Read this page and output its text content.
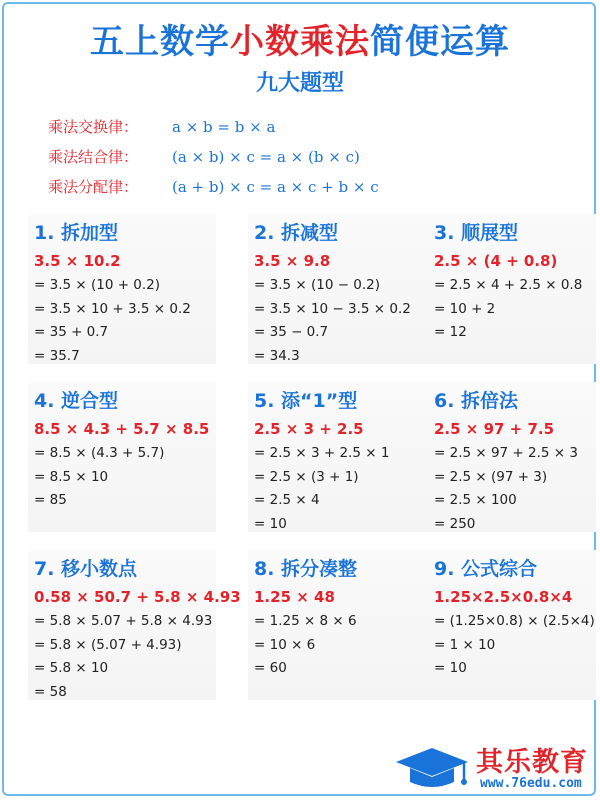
五上数学小数乘法简便运算
九大题型
乘法交换律： a × b = b × a
乘法结合律： (a × b) × c = a × (b × c)
乘法分配律： (a + b) × c = a × c + b × c
1. 拆加型
3.5 × 10.2
= 3.5 × (10 + 0.2)
= 3.5 × 10 + 3.5 × 0.2
= 35 + 0.7
= 35.7
2. 拆减型
3.5 × 9.8
= 3.5 × (10 − 0.2)
= 3.5 × 10 − 3.5 × 0.2
= 35 − 0.7
= 34.3
3. 顺展型
2.5 × (4 + 0.8)
= 2.5 × 4 + 2.5 × 0.8
= 10 + 2
= 12
4. 逆合型
8.5 × 4.3 + 5.7 × 8.5
= 8.5 × (4.3 + 5.7)
= 8.5 × 10
= 85
5. 添“1”型
2.5 × 3 + 2.5
= 2.5 × 3 + 2.5 × 1
= 2.5 × (3 + 1)
= 2.5 × 4
= 10
6. 拆倍法
2.5 × 97 + 7.5
= 2.5 × 97 + 2.5 × 3
= 2.5 × (97 + 3)
= 2.5 × 100
= 250
7. 移小数点
0.58 × 50.7 + 5.8 × 4.93
= 5.8 × 5.07 + 5.8 × 4.93
= 5.8 × (5.07 + 4.93)
= 5.8 × 10
= 58
8. 拆分凑整
1.25 × 48
= 1.25 × 8 × 6
= 10 × 6
= 60
9. 公式综合
1.25×2.5×0.8×4
= (1.25×0.8) × (2.5×4)
= 1 × 10
= 10
其乐教育
www.76edu.com
